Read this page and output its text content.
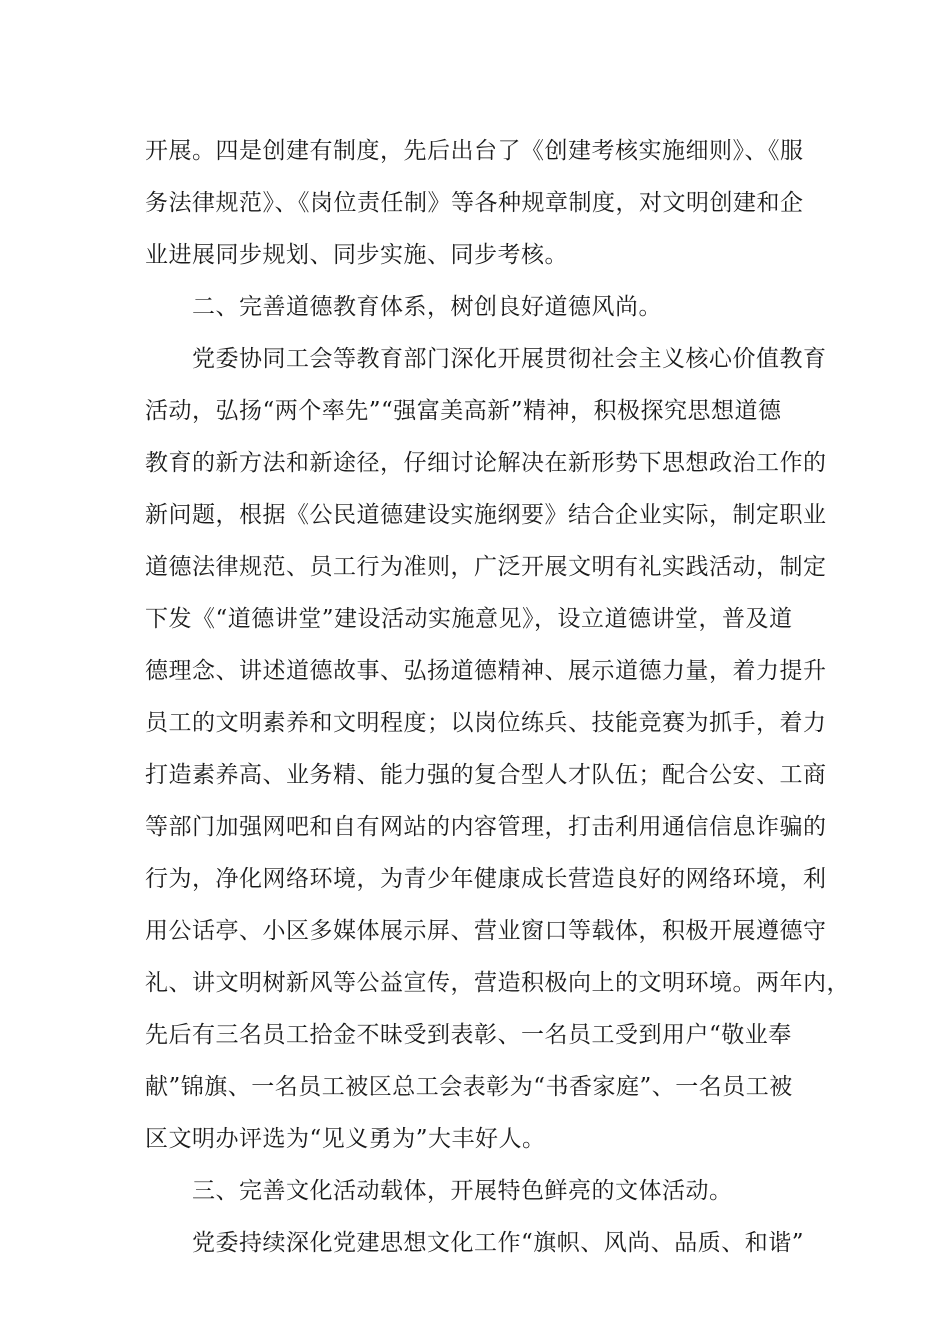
开展。四是创建有制度，先后出台了《创建考核实施细则》、《服
务法律规范》、《岗位责任制》等各种规章制度，对文明创建和企
业进展同步规划、同步实施、同步考核。
二、完善道德教育体系，树创良好道德风尚。
党委协同工会等教育部门深化开展贯彻社会主义核心价值教育
活动，弘扬“两个率先”“强富美高新”精神，积极探究思想道德
教育的新方法和新途径，仔细讨论解决在新形势下思想政治工作的
新问题，根据《公民道德建设实施纲要》结合企业实际，制定职业
道德法律规范、员工行为准则，广泛开展文明有礼实践活动，制定
下发《“道德讲堂”建设活动实施意见》，设立道德讲堂，普及道
德理念、讲述道德故事、弘扬道德精神、展示道德力量，着力提升
员工的文明素养和文明程度；以岗位练兵、技能竞赛为抓手，着力
打造素养高、业务精、能力强的复合型人才队伍；配合公安、工商
等部门加强网吧和自有网站的内容管理，打击利用通信信息诈骗的
行为，净化网络环境，为青少年健康成长营造良好的网络环境，利
用公话亭、小区多媒体展示屏、营业窗口等载体，积极开展遵德守
礼、讲文明树新风等公益宣传，营造积极向上的文明环境。两年内，
先后有三名员工拾金不昧受到表彰、一名员工受到用户“敬业奉
献”锦旗、一名员工被区总工会表彰为“书香家庭”、一名员工被
区文明办评选为“见义勇为”大丰好人。
三、完善文化活动载体，开展特色鲜亮的文体活动。
党委持续深化党建思想文化工作“旗帜、风尚、品质、和谐”
